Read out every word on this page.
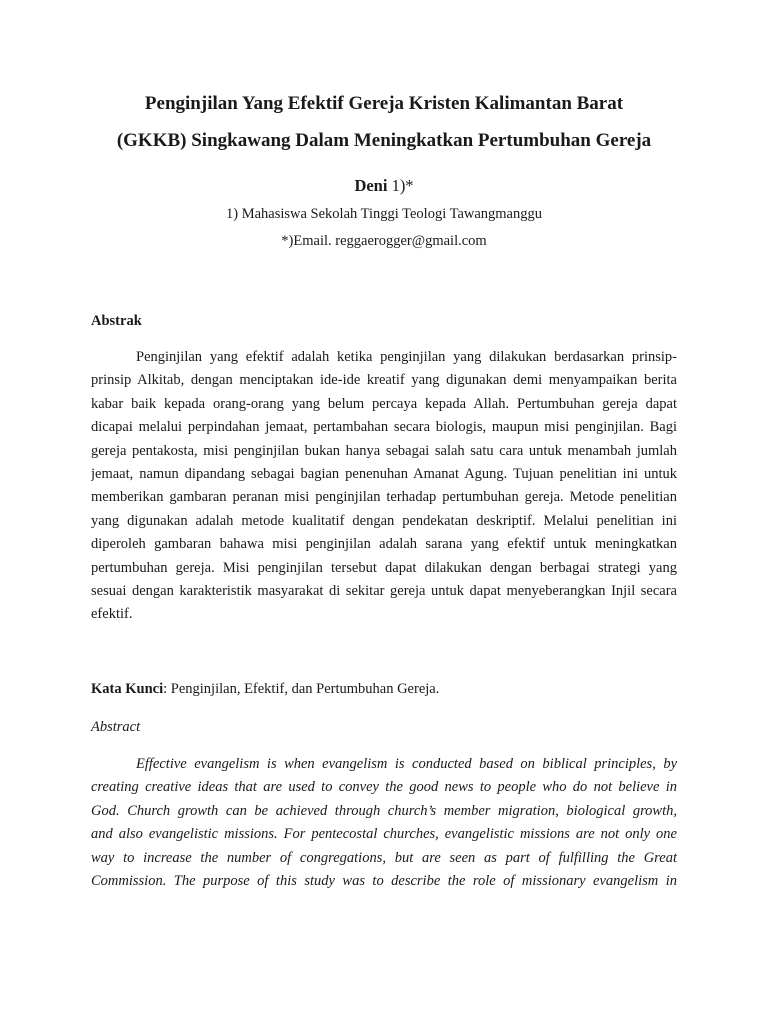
Penginjilan Yang Efektif Gereja Kristen Kalimantan Barat
(GKKB) Singkawang Dalam Meningkatkan Pertumbuhan Gereja
Deni 1)*
1) Mahasiswa Sekolah Tinggi Teologi Tawangmanggu
*)Email. reggaerogger@gmail.com
Abstrak
Penginjilan yang efektif adalah ketika penginjilan yang dilakukan berdasarkan prinsip-
prinsip Alkitab, dengan menciptakan ide-ide kreatif yang digunakan demi menyampaikan berita
kabar baik kepada orang-orang yang belum percaya kepada Allah. Pertumbuhan gereja dapat
dicapai melalui perpindahan jemaat, pertambahan secara biologis, maupun misi penginjilan. Bagi
gereja pentakosta, misi penginjilan bukan hanya sebagai salah satu cara untuk menambah jumlah
jemaat, namun dipandang sebagai bagian penenuhan Amanat Agung. Tujuan penelitian ini untuk
memberikan gambaran peranan misi penginjilan terhadap pertumbuhan gereja. Metode penelitian
yang digunakan adalah metode kualitatif dengan pendekatan deskriptif. Melalui penelitian ini
diperoleh gambaran bahawa misi penginjilan adalah sarana yang efektif untuk meningkatkan
pertumbuhan gereja. Misi penginjilan tersebut dapat dilakukan dengan berbagai strategi yang
sesuai dengan karakteristik masyarakat di sekitar gereja untuk dapat menyeberangkan Injil secara
efektif.
Kata Kunci: Penginjilan, Efektif, dan Pertumbuhan Gereja.
Abstract
Effective evangelism is when evangelism is conducted based on biblical principles, by
creating creative ideas that are used to convey the good news to people who do not believe in
God. Church growth can be achieved through church’s member migration, biological growth,
and also evangelistic missions. For pentecostal churches, evangelistic missions are not only one
way to increase the number of congregations, but are seen as part of fulfilling the Great
Commission. The purpose of this study was to describe the role of missionary evangelism in
